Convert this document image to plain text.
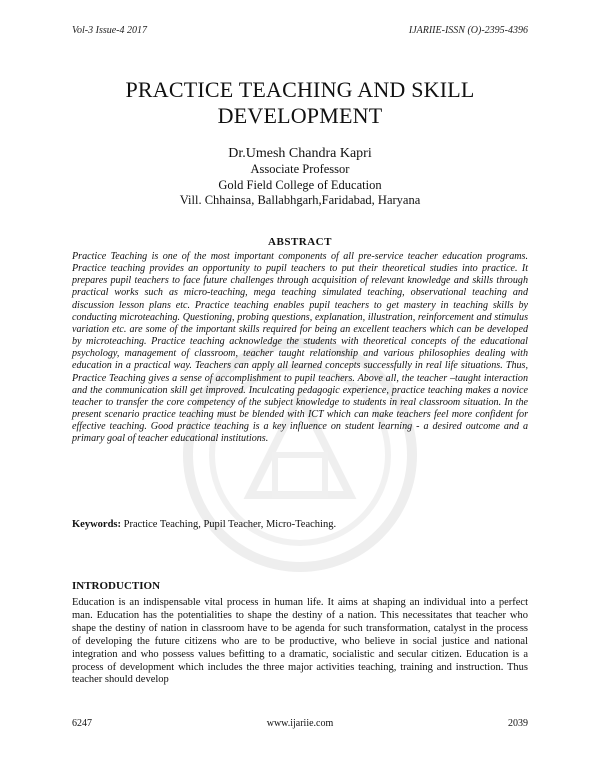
Vol-3 Issue-4 2017	IJARIIE-ISSN (O)-2395-4396
PRACTICE TEACHING AND SKILL
DEVELOPMENT
Dr.Umesh Chandra Kapri
Associate Professor
Gold Field College of Education
Vill. Chhainsa, Ballabhgarh,Faridabad, Haryana
ABSTRACT
Practice Teaching is one of the most important components of all pre-service teacher education programs. Practice teaching provides an opportunity to pupil teachers to put their theoretical studies into practice. It prepares pupil teachers to face future challenges through acquisition of relevant knowledge and skills through practical works such as micro-teaching, mega teaching simulated teaching, observational teaching and discussion lesson plans etc. Practice teaching enables pupil teachers to get mastery in teaching skills by conducting microteaching. Questioning, probing questions, explanation, illustration, reinforcement and stimulus variation etc. are some of the important skills required for being an excellent teachers which can be developed by microteaching. Practice teaching acknowledge the students with theoretical concepts of the educational psychology, management of classroom, teacher taught relationship and various philosophies dealing with education in a practical way. Teachers can apply all learned concepts successfully in real life situations. Thus, Practice Teaching gives a sense of accomplishment to pupil teachers. Above all, the teacher –taught interaction and the communication skill get improved. Inculcating pedagogic experience, practice teaching makes a novice teacher to transfer the core competency of the subject knowledge to students in real classroom situation. In the present scenario practice teaching must be blended with ICT which can make teachers feel more confident for effective teaching. Good practice teaching is a key influence on student learning - a desired outcome and a primary goal of teacher educational institutions.
Keywords: Practice Teaching, Pupil Teacher, Micro-Teaching.
INTRODUCTION
Education is an indispensable vital process in human life. It aims at shaping an individual into a perfect man. Education has the potentialities to shape the destiny of a nation. This necessitates that teacher who shape the destiny of nation in classroom have to be agenda for such transformation, catalyst in the process of developing the future citizens who are to be productive, who believe in social justice and national integration and who possess values befitting to a dramatic, socialistic and secular citizen. Education is a process of development which includes the three major activities teaching, training and instruction. Thus teacher should develop
6247	www.ijariie.com	2039
